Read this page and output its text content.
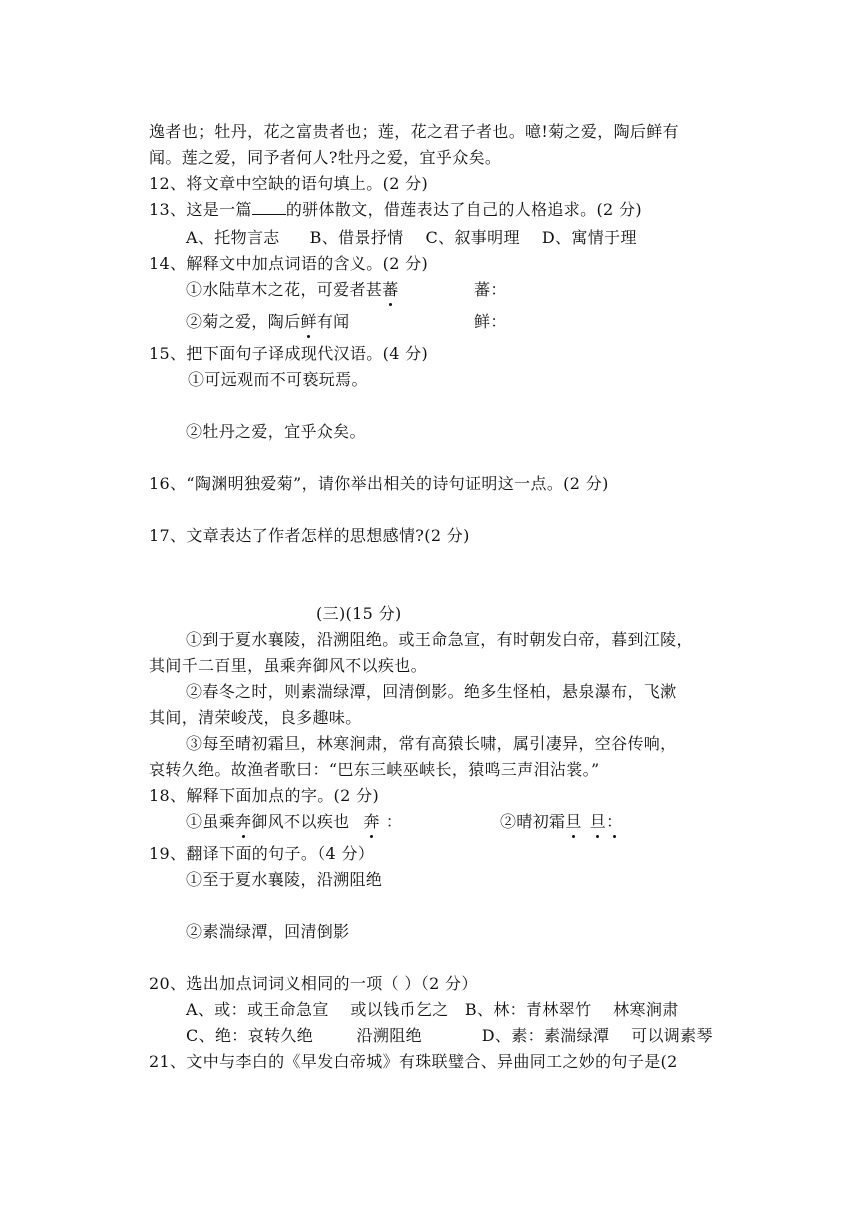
逸者也；牡丹，花之富贵者也；莲，花之君子者也。噫!菊之爱，陶后鲜有
闻。莲之爱，同予者何人?牡丹之爱，宜乎众矣。
12、将文章中空缺的语句填上。(2 分)
13、这是一篇 的骈体散文，借莲表达了自己的人格追求。(2 分)
A、托物言志 B、借景抒情 C、叙事明理 D、寓情于理
14、解释文中加点词语的含义。(2 分)
①水陆草木之花，可爱者甚蕃	蕃：
②菊之爱，陶后鲜有闻	鲜：
15、把下面句子译成现代汉语。(4 分)
①可远观而不可亵玩焉。
②牡丹之爱，宜乎众矣。
16、“陶渊明独爱菊”，请你举出相关的诗句证明这一点。(2 分)
17、文章表达了作者怎样的思想感情?(2 分)
(三)(15 分)
①到于夏水襄陵，沿溯阻绝。或王命急宣，有时朝发白帝，暮到江陵，
其间千二百里，虽乘奔御风不以疾也。
②春冬之时，则素湍绿潭，回清倒影。绝多生怪柏，悬泉瀑布，飞漱
其间，清荣峻茂，良多趣味。
③每至晴初霜旦，林寒涧肃，常有高猿长啸，属引凄异，空谷传响，
哀转久绝。故渔者歌曰：“巴东三峡巫峡长，猿鸣三声泪沾裳。”
18、解释下面加点的字。(2 分)
①虽乘奔御风不以疾也 奔 ：	②晴初霜旦 旦：
19、翻译下面的句子。（4 分）
①至于夏水襄陵，沿溯阻绝
②素湍绿潭，回清倒影
20、选出加点词词义相同的一项（ ）（2 分）
A、或：或王命急宣    或以钱币乞之   B、林：青林翠竹    林寒涧肃
C、绝：哀转久绝        沿溯阻绝           D、素：素湍绿潭    可以调素琴
21、文中与李白的《早发白帝城》有珠联璧合、异曲同工之妙的句子是(2
